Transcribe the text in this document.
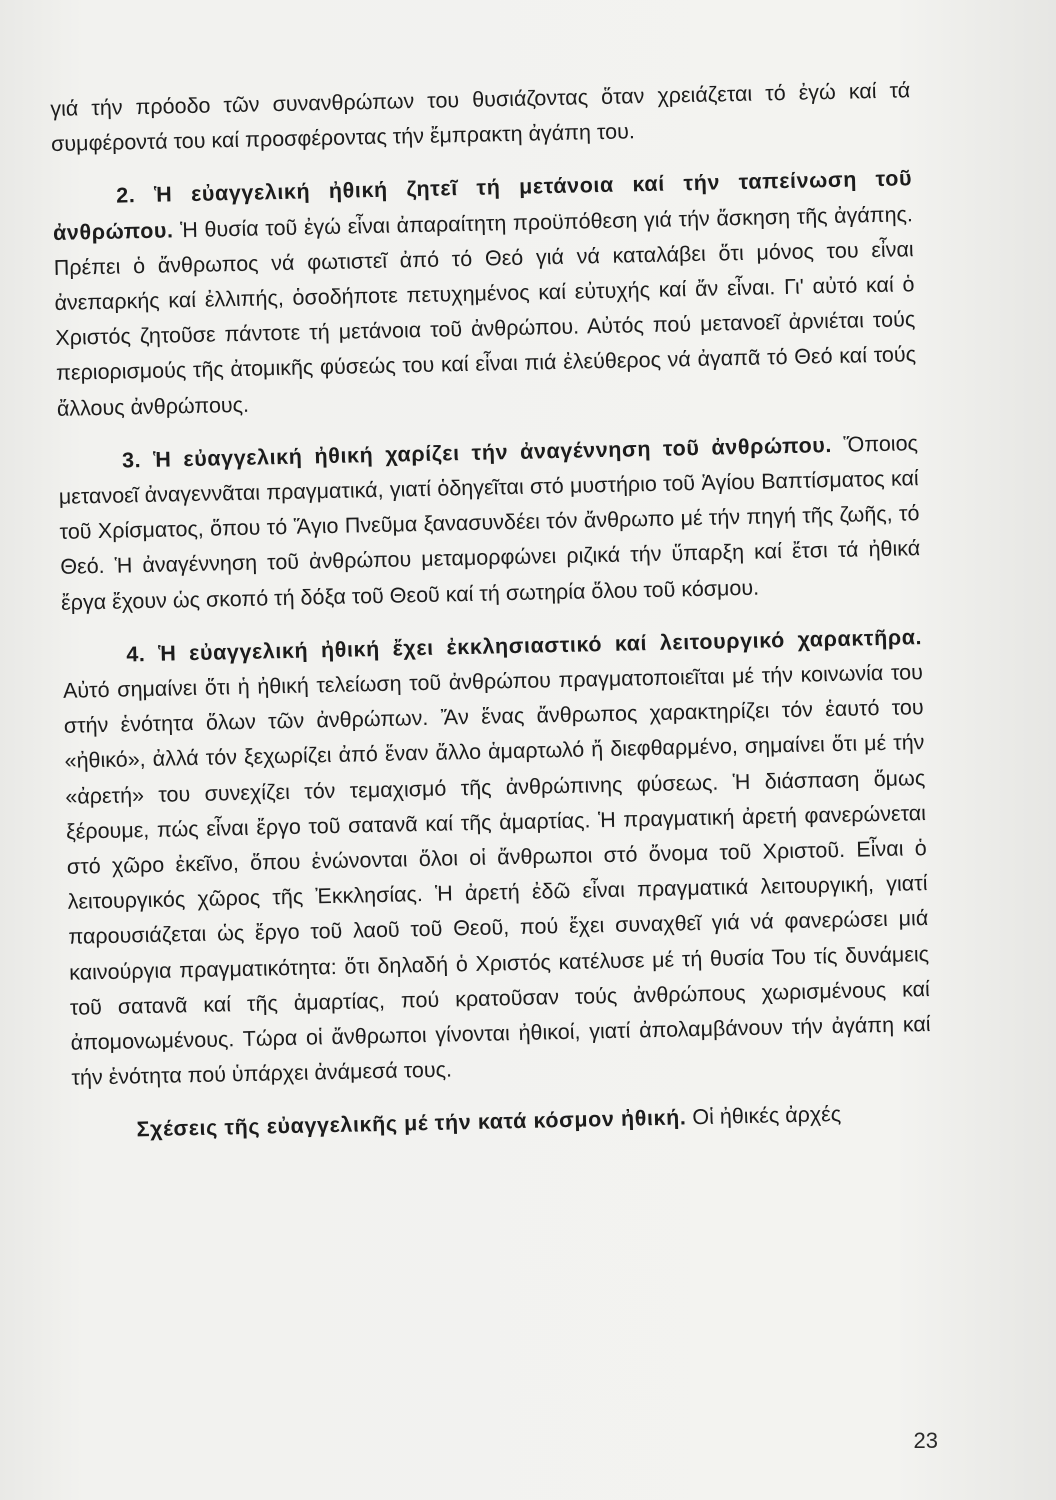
γιά τήν πρόοδο τῶν συνανθρώπων του θυσιάζοντας ὅταν χρειάζεται τό ἐγώ καί τά συμφέροντά του καί προσφέροντας τήν ἔμπρακτη ἀγάπη του.

2. Ἡ εὐαγγελική ἠθική ζητεῖ τή μετάνοια καί τήν ταπείνωση τοῦ ἀνθρώπου. Ἡ θυσία τοῦ ἐγώ εἶναι ἀπαραίτητη προϋπόθεση γιά τήν ἄσκηση τῆς ἀγάπης. Πρέπει ὁ ἄνθρωπος νά φωτιστεῖ ἀπό τό Θεό γιά νά καταλάβει ὅτι μόνος του εἶναι ἀνεπαρκής καί ἐλλιπής, ὁσοδήποτε πετυχημένος καί εὐτυχής καί ἄν εἶναι. Γι' αὐτό καί ὁ Χριστός ζητοῦσε πάντοτε τή μετάνοια τοῦ ἀνθρώπου. Αὐτός πού μετανοεῖ ἀρνιέται τούς περιορισμούς τῆς ἀτομικῆς φύσεώς του καί εἶναι πιά ἐλεύθερος νά ἀγαπᾶ τό Θεό καί τούς ἄλλους ἀνθρώπους.

3. Ἡ εὐαγγελική ἠθική χαρίζει τήν ἀναγέννηση τοῦ ἀνθρώπου. Ὅποιος μετανοεῖ ἀναγεννᾶται πραγματικά, γιατί ὁδηγεῖται στό μυστήριο τοῦ Ἁγίου Βαπτίσματος καί τοῦ Χρίσματος, ὅπου τό Ἅγιο Πνεῦμα ξανασυνδέει τόν ἄνθρωπο μέ τήν πηγή τῆς ζωῆς, τό Θεό. Ἡ ἀναγέννηση τοῦ ἀνθρώπου μεταμορφώνει ριζικά τήν ὕπαρξη καί ἔτσι τά ἠθικά ἔργα ἔχουν ὡς σκοπό τή δόξα τοῦ Θεοῦ καί τή σωτηρία ὅλου τοῦ κόσμου.

4. Ἡ εὐαγγελική ἠθική ἔχει ἐκκλησιαστικό καί λειτουργικό χαρακτῆρα. Αὐτό σημαίνει ὅτι ἡ ἠθική τελείωση τοῦ ἀνθρώπου πραγματοποιεῖται μέ τήν κοινωνία του στήν ἑνότητα ὅλων τῶν ἀνθρώπων. Ἄν ἕνας ἄνθρωπος χαρακτηρίζει τόν ἑαυτό του «ἠθικό», ἀλλά τόν ξεχωρίζει ἀπό ἕναν ἄλλο ἁμαρτωλό ἤ διεφθαρμένο, σημαίνει ὅτι μέ τήν «ἀρετή» του συνεχίζει τόν τεμαχισμό τῆς ἀνθρώπινης φύσεως. Ἡ διάσπαση ὅμως ξέρουμε, πώς εἶναι ἔργο τοῦ σατανᾶ καί τῆς ἁμαρτίας. Ἡ πραγματική ἀρετή φανερώνεται στό χῶρο ἐκεῖνο, ὅπου ἑνώνονται ὅλοι οἱ ἄνθρωποι στό ὄνομα τοῦ Χριστοῦ. Εἶναι ὁ λειτουργικός χῶρος τῆς Ἐκκλησίας. Ἡ ἀρετή ἐδῶ εἶναι πραγματικά λειτουργική, γιατί παρουσιάζεται ὡς ἔργο τοῦ λαοῦ τοῦ Θεοῦ, πού ἔχει συναχθεῖ γιά νά φανερώσει μιά καινούργια πραγματικότητα: ὅτι δηλαδή ὁ Χριστός κατέλυσε μέ τή θυσία Του τίς δυνάμεις τοῦ σατανᾶ καί τῆς ἁμαρτίας, πού κρατοῦσαν τούς ἀνθρώπους χωρισμένους καί ἀπομονωμένους. Τώρα οἱ ἄνθρωποι γίνονται ἠθικοί, γιατί ἀπολαμβάνουν τήν ἀγάπη καί τήν ἑνότητα πού ὑπάρχει ἀνάμεσά τους.

Σχέσεις τῆς εὐαγγελικῆς μέ τήν κατά κόσμον ἠθική. Οἱ ἠθικές ἀρχές

23
